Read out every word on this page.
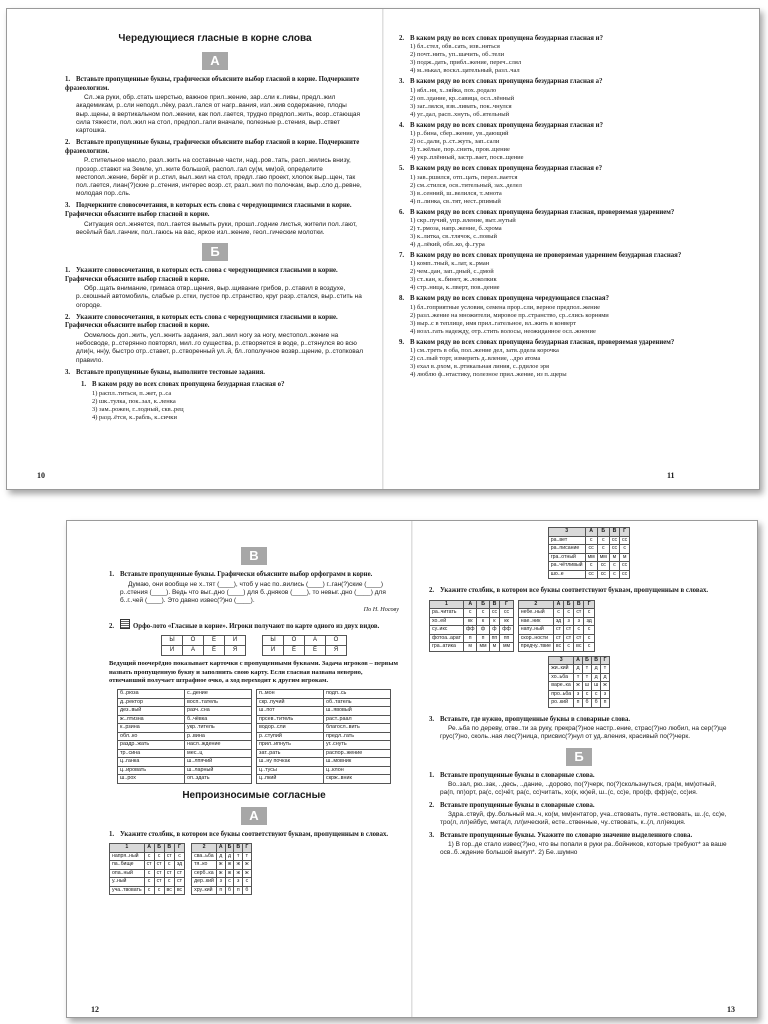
Чередующиеся гласные в корне слова
А
1. Вставьте пропущенные буквы, графически объясните выбор гласной в корне. Подчеркните фразеологизм.

Сл..жа руки, обр..стать шерстью, важное прил..жение, зар..сли к..пивы, предл..жил академикам, р..сли неподл..лёку, разл..гался от нагр..вания, изл..жив содержание, плоды выр..щены, в вертикальном пол..жении, как пол..гается, трудно предпол..жить, возр..стающая сила тяжести, пол..жил на стол, предпол..гали вначале, полезные р..стения, выр..ствет картошка.

2. Вставьте пропущенные буквы, графически объясните выбор гласной в корне. Подчеркните фразеологизм.

Р..стительное масло, разл..жить на составные части, над..ров..тать, расп..жились внизу, прозор..ставют на Земле, ул..жите большой, распол..гал су(м, мм)ой, определите местопол..жение, берёг и р..стил, выл..жил на стол, предл..гаю проект, хлопок выр..щен, так пол..гается, лиан(?)ские р..стения, интерес возр..ст, разл..жил по полочкам, выр..сло д..ревне, молодая пор..сль.

3. Подчеркните словосочетания, в которых есть слова с чередующимися гласными в корне. Графически объясните выбор гласной в корне.

Ситуация осл..жняется, пол..гается вымыть руки, прошл..годние листья, жители пол..гают, весёлый бал..ганчик, пол..гаюсь на вас, яркое изл..жение, геол..гические молотки.

Б
1. Укажите словосочетания, в которых есть слова с чередующимися гласными в корне. Графически объясните выбор гласной в корне.

Обр..щать внимание, гримаса отвр..щения, выр..щивание грибов, р..ставил в воздухе, р..скошный автомобиль, слабые р..стки, пустое пр..странство, круг разр..стался, выр..стить на огороде.

2. Укажите словосочетания, в которых есть слова с чередующимися гласными в корне. Графически объясните выбор гласной в корне.

Осмелюсь дол..жить, усл..жнить задания, зал..жил ногу за ногу, местопол..жение на небосводе, р..стерянно повторял, мил..го существа, р..створяется в воде, р..стянулся во всю дли(н, нн)у, быстро отр..ставет, р..створенный ул..й, бл..гополучное возвр..щение, р..стопковал правило.

3. Вставьте пропущенные буквы, выполните тестовые задания.
1. В каком ряду во всех словах пропущена безударная гласная о?
1) распл..титься, п..жет, р..са
2) шк..тулка, пок..зал, к..ленка
3) зам..рожен, г..лодный, скв..рец
4) разд..ётся, к..рабль, к..сички
10
2. В каком ряду во всех словах пропущена безударная гласная и?
1) бл..стел, обв..сать, изв..няться
2) почт..нить, уп..шачить, об..тели
3) подж..дать, прибл..жение, переч..слял
4) м..нькал, воскл..цательный, разл..чал
3. В каком ряду во всех словах пропущена безударная гласная а?
1) ябл..ня, х..зяйка, пох..родало
2) оп..здание, кр..савица, осл..лённый
3) заг..лялся, взв..ливать, пок..чнулся
4) уг..дал, расп..хнуть, об..ятельный
4. В каком ряду во всех словах пропущена безударная гласная и?
1) р..бина, сбер..жение, ув..дающий
2) ос..дали, р..ст..жуть, зап..сали
3) т..жёлые, пор..снить, пров..щение
4) укр..плённый, застр..вает, посв..щение
5. В каком ряду во всех словах пропущена безударная гласная е?
1) зав..ршился, отп..цать, перел..вается
2) см..стился, осв..тительный, зах..делел
3) в..сенний, ш..велился, т..мнота
4) п..линка, св..тят, нест..рпимый
6. В каком ряду во всех словах пропущена безударная гласная, проверяемая ударением?
1) скр..пучий, упр..вление, выт..нутый
2) т..рмоза, напр..жение, б..хрома
3) к..литка, св..тлячок, с..повый
4) д..лёкий, обл..ко, ф..гура
7. В каком ряду во всех словах пропущена не проверяемая ударением безударная гласная?
1) комп..тный, к..лат, к..рман
2) чем..дан, зап..дный, с..дмой
3) ст..кан, к..бинет, ж..локолкик
4) стр..ница, к..пверт, пов..дение
8. В каком ряду во всех словах пропущена чередующаяся гласная?
1) бл..гоприятные условия, семена прор..сли, верное предпол..жение
2) разл..жение на множители, мировое пр..странство, ср..слись корнями
3) выр..с в теплице, имя прил..гательное, вл..жить в конверт
4) возл..гать надежду, отр..стить волосы, неожиданное осл..жнение
9. В каком ряду во всех словах пропущена безударная гласная, проверяемая ударением?
1) см..треть в оба, пол..жение дел, затв..рдела корочка
2) сл..пый торт, измерить д..вление, ..дро атома
3) ехал в..рхом, в..ртикальная линия, с..рдилое эря
4) люблю ф..нтастику, полезное прил..жение, из п..щеры
11
В
1. Вставьте пропущенные буквы. Графически объясните выбор орфограмм в корне.

Думаю, они вообще не х..тят (____), чтоб у нас по..вились (____) г..ган(?)ские (____) р..стения (____). Ведь что выг..дно (____) для б..дняков (____), то невыг..дно (____) для б..г..чей (____). Это давно извес(?)но (____).

По Н. Носову
2.	Орфо-лото «Гласные в корне». Игроки получают по карте одного из двух видов.
Ы	О	Е	И
И	А	Ё	Я
Ы	О	А	О
И	Ё	Ё	Я
Ведущий поочерёдно показывает карточки с пропущенными буквами. Задача игроков – первым назвать пропущенную букву и заполнить свою карту. Если гласная названа неверно, отвечавший получает штрафное очко, а ход переходит к другим игрокам.
б..рюза	с..дение
д..ректор	восп..татель
дез..вый	разч..сна
ж..лтизна	б..чёвка
к..рзина	укр..титель
обл..ко	р..вина
раздр..жать	насл..ждение
тр..сина	мес..ц
ц..ганка	ш..лпячий
ц..ировать	ш..ларный
ш..рох	оп..здать
п..мон	подп..сь
скр..пучий	об..татель
ш..пот	ш..явовый
прсев..титель	раст..раал
водор..сли	благосл..вить
р..ступий	предл..гать
прил..ипнуть	уг..снуть
зат..рать	распор..жение
ш..ну почкак	ш..мовник
ц..тусы	ц..клон
ц..пкий	скрж..вник
Непроизносимые согласные
А
1. Укажите столбик, в котором все буквы соответствуют буквам, пропущенным в словах.
1	А	Б	В	Г
напря..ный	с	с	ст	с
па..бище	ст	ст	с	зд
опа..ный	с	ст	ст	ст
у..ный	с	ст	с	ст
уча..твовать	с	с	вс	вс
2	А	Б	В	Г
сва..ьба	д	д	т	т
тя..ко	ж	ж	ж	ж
серб..ка	ж	ж	ж	ж
дер..кий	з	с	з	с
хру..кий	п	б	п	б
12
3	А	Б	В	Г
ра..вет	с	с	сс	сс
ра..писание	сс	с	сс	с
гра..отный	мм	мм	м	м
ра..чётливый	с	сс	с	сс
шо..е	сс	сс	с	сс
2. Укажите столбик, в котором все буквы соответствуют буквам, пропущенным в словах.
1	А	Б	В	Г
ра..читать	с	с	сс	сс
хо..ей	кк	к	к	кк
су..икс	фф	ф	ф	фф
фотоа..арат	п	п	пп	пп
гра..атика	м	мм	м	мм
2	А	Б	В	Г
небе..ный	с	с	ст	с
нае..ник	зд	з	з	зд
напу..ный	ст	ст	с	с
скор..ности	ст	ст	ст	с
предчу..твие	вс	с	вс	с
3	А	Б	В	Г
жи..кий	д	т	д	т
хо..ьба	т	т	д	д
варе..ка	ж	ш	ш	ж
про..ьба	з	с	с	з
ро..кий	п	б	б	п
3. Вставьте, где нужно, пропущенные буквы в словарные слова.

Ре..ьба по дереву, отве..ти за руку, прекра(?)ное настр..ение, страс(?)но любил, на сер(?)це грус(?)но, сколь..ная лес(?)ница, присвис(?)нул от уд..вления, красивый по(?)черк.

Б
1. Вставьте пропущенные буквы в словарные слова.

Во..зал, рю..зак, ..десь, ..дание, ..дорово, по(?)черк, по(?)скользнуться, гра(м, мм)отный, ра(п, пп)орт, ра(с, сс)чёт, ра(с, сс)читать, хо(к, кк)ей, ш..(с, сс)е, про(ф, фф)е(с, сс)ия.

2. Вставьте пропущенные буквы в словарные слова.

Здра..ствуй, фу..больный ма..ч, ко(м, мм)ентатор, уча..ствовать, путе..ествовать, ш..(с, сс)е, тро(л, лл)ейбус, мета(л, лл)ический, есте..ственные, чу..ствовать, к..(л, лл)екция.

3. Вставьте пропущенные буквы. Укажите по словарю значение выделенного слова.

1) В гор..де стало извес(?)но, что вы попали в руки ра..бойников, которые требуют* за ваше осв..б..ждение большой выкуп*. 2) Бе..шумно

13
